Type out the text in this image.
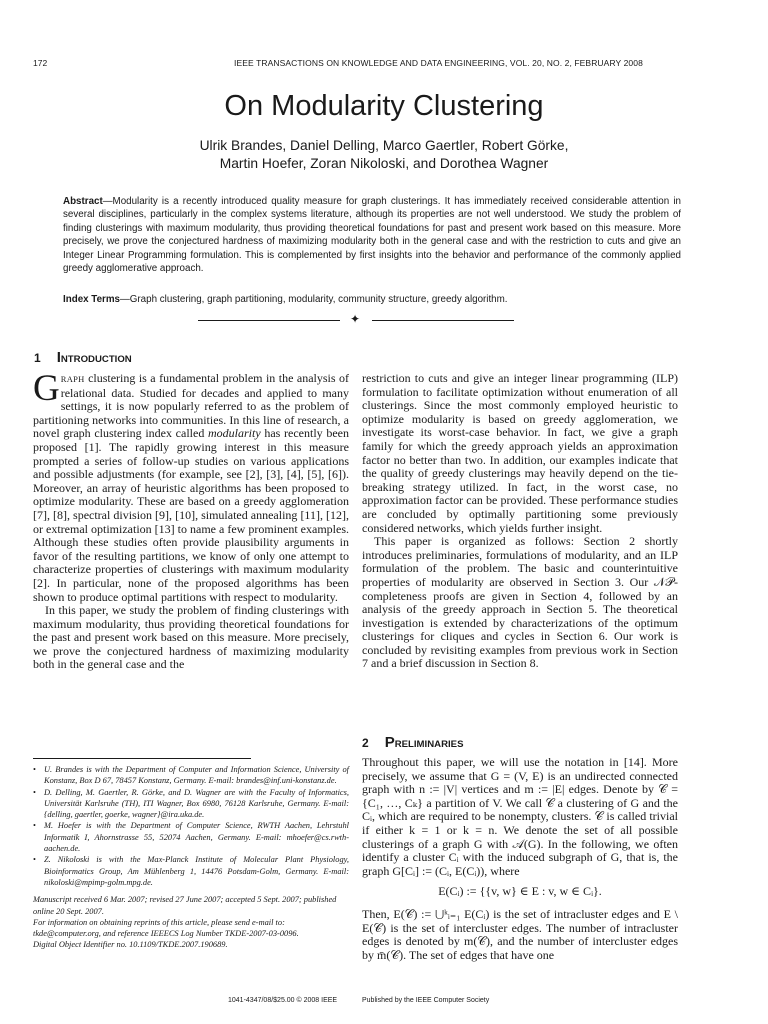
172	IEEE TRANSACTIONS ON KNOWLEDGE AND DATA ENGINEERING, VOL. 20, NO. 2, FEBRUARY 2008
On Modularity Clustering
Ulrik Brandes, Daniel Delling, Marco Gaertler, Robert Görke,
Martin Hoefer, Zoran Nikoloski, and Dorothea Wagner
Abstract—Modularity is a recently introduced quality measure for graph clusterings. It has immediately received considerable attention in several disciplines, particularly in the complex systems literature, although its properties are not well understood. We study the problem of finding clusterings with maximum modularity, thus providing theoretical foundations for past and present work based on this measure. More precisely, we prove the conjectured hardness of maximizing modularity both in the general case and with the restriction to cuts and give an Integer Linear Programming formulation. This is complemented by first insights into the behavior and performance of the commonly applied greedy agglomerative approach.
Index Terms—Graph clustering, graph partitioning, modularity, community structure, greedy algorithm.
✦
1 INTRODUCTION

GRAPH clustering is a fundamental problem in the analysis of relational data. Studied for decades and applied to many settings, it is now popularly referred to as the problem of partitioning networks into communities. In this line of research, a novel graph clustering index called modularity has recently been proposed [1]. The rapidly growing interest in this measure prompted a series of follow-up studies on various applications and possible adjustments (for example, see [2], [3], [4], [5], [6]). Moreover, an array of heuristic algorithms has been proposed to optimize modularity. These are based on a greedy agglomeration [7], [8], spectral division [9], [10], simulated annealing [11], [12], or extremal optimization [13] to name a few prominent examples. Although these studies often provide plausibility arguments in favor of the resulting partitions, we know of only one attempt to characterize properties of clusterings with maximum modularity [2]. In particular, none of the proposed algorithms has been shown to produce optimal partitions with respect to modularity.

In this paper, we study the problem of finding clusterings with maximum modularity, thus providing theoretical foundations for the past and present work based on this measure. More precisely, we prove the conjectured hardness of maximizing modularity both in the general case and the

• U. Brandes is with the Department of Computer and Information Science, University of Konstanz, Box D 67, 78457 Konstanz, Germany. E-mail: brandes@inf.uni-konstanz.de.
• D. Delling, M. Gaertler, R. Görke, and D. Wagner are with the Faculty of Informatics, Universität Karlsruhe (TH), ITI Wagner, Box 6980, 76128 Karlsruhe, Germany. E-mail: {delling, gaertler, goerke, wagner}@ira.uka.de.
• M. Hoefer is with the Department of Computer Science, RWTH Aachen, Lehrstuhl Informatik I, Ahornstrasse 55, 52074 Aachen, Germany. E-mail: mhoefer@cs.rwth-aachen.de.
• Z. Nikoloski is with the Max-Planck Institute of Molecular Plant Physiology, Bioinformatics Group, Am Mühlenberg 1, 14476 Potsdam-Golm, Germany. E-mail: nikoloski@mpimp-golm.mpg.de.
Manuscript received 6 Mar. 2007; revised 27 June 2007; accepted 5 Sept. 2007; published online 20 Sept. 2007.
For information on obtaining reprints of this article, please send e-mail to: tkde@computer.org, and reference IEEECS Log Number TKDE-2007-03-0096.
Digital Object Identifier no. 10.1109/TKDE.2007.190689.

restriction to cuts and give an integer linear programming (ILP) formulation to facilitate optimization without enumeration of all clusterings. Since the most commonly employed heuristic to optimize modularity is based on greedy agglomeration, we investigate its worst-case behavior. In fact, we give a graph family for which the greedy approach yields an approximation factor no better than two. In addition, our examples indicate that the quality of greedy clusterings may heavily depend on the tie-breaking strategy utilized. In fact, in the worst case, no approximation factor can be provided. These performance studies are concluded by optimally partitioning some previously considered networks, which yields further insight.

This paper is organized as follows: Section 2 shortly introduces preliminaries, formulations of modularity, and an ILP formulation of the problem. The basic and counterintuitive properties of modularity are observed in Section 3. Our 𝒩𝒫-completeness proofs are given in Section 4, followed by an analysis of the greedy approach in Section 5. The theoretical investigation is extended by characterizations of the optimum clusterings for cliques and cycles in Section 6. Our work is concluded by revisiting examples from previous work in Section 7 and a brief discussion in Section 8.

2 PRELIMINARIES

Throughout this paper, we will use the notation in [14]. More precisely, we assume that G = (V, E) is an undirected connected graph with n := |V| vertices and m := |E| edges. Denote by 𝒞 = {C₁, …, Cₖ} a partition of V. We call 𝒞 a clustering of G and the Cᵢ, which are required to be nonempty, clusters. 𝒞 is called trivial if either k = 1 or k = n. We denote the set of all possible clusterings of a graph G with 𝒜(G). In the following, we often identify a cluster Cᵢ with the induced subgraph of G, that is, the graph G[Cᵢ] := (Cᵢ, E(Cᵢ)), where

E(Cᵢ) := {{v, w} ∈ E : v, w ∈ Cᵢ}.

Then, E(𝒞) := ⋃ᵏᵢ₌₁ E(Cᵢ) is the set of intracluster edges and E \ E(𝒞) is the set of intercluster edges. The number of intracluster edges is denoted by m(𝒞), and the number of intercluster edges by m̄(𝒞). The set of edges that have one

1041-4347/08/$25.00 © 2008 IEEE	Published by the IEEE Computer Society
